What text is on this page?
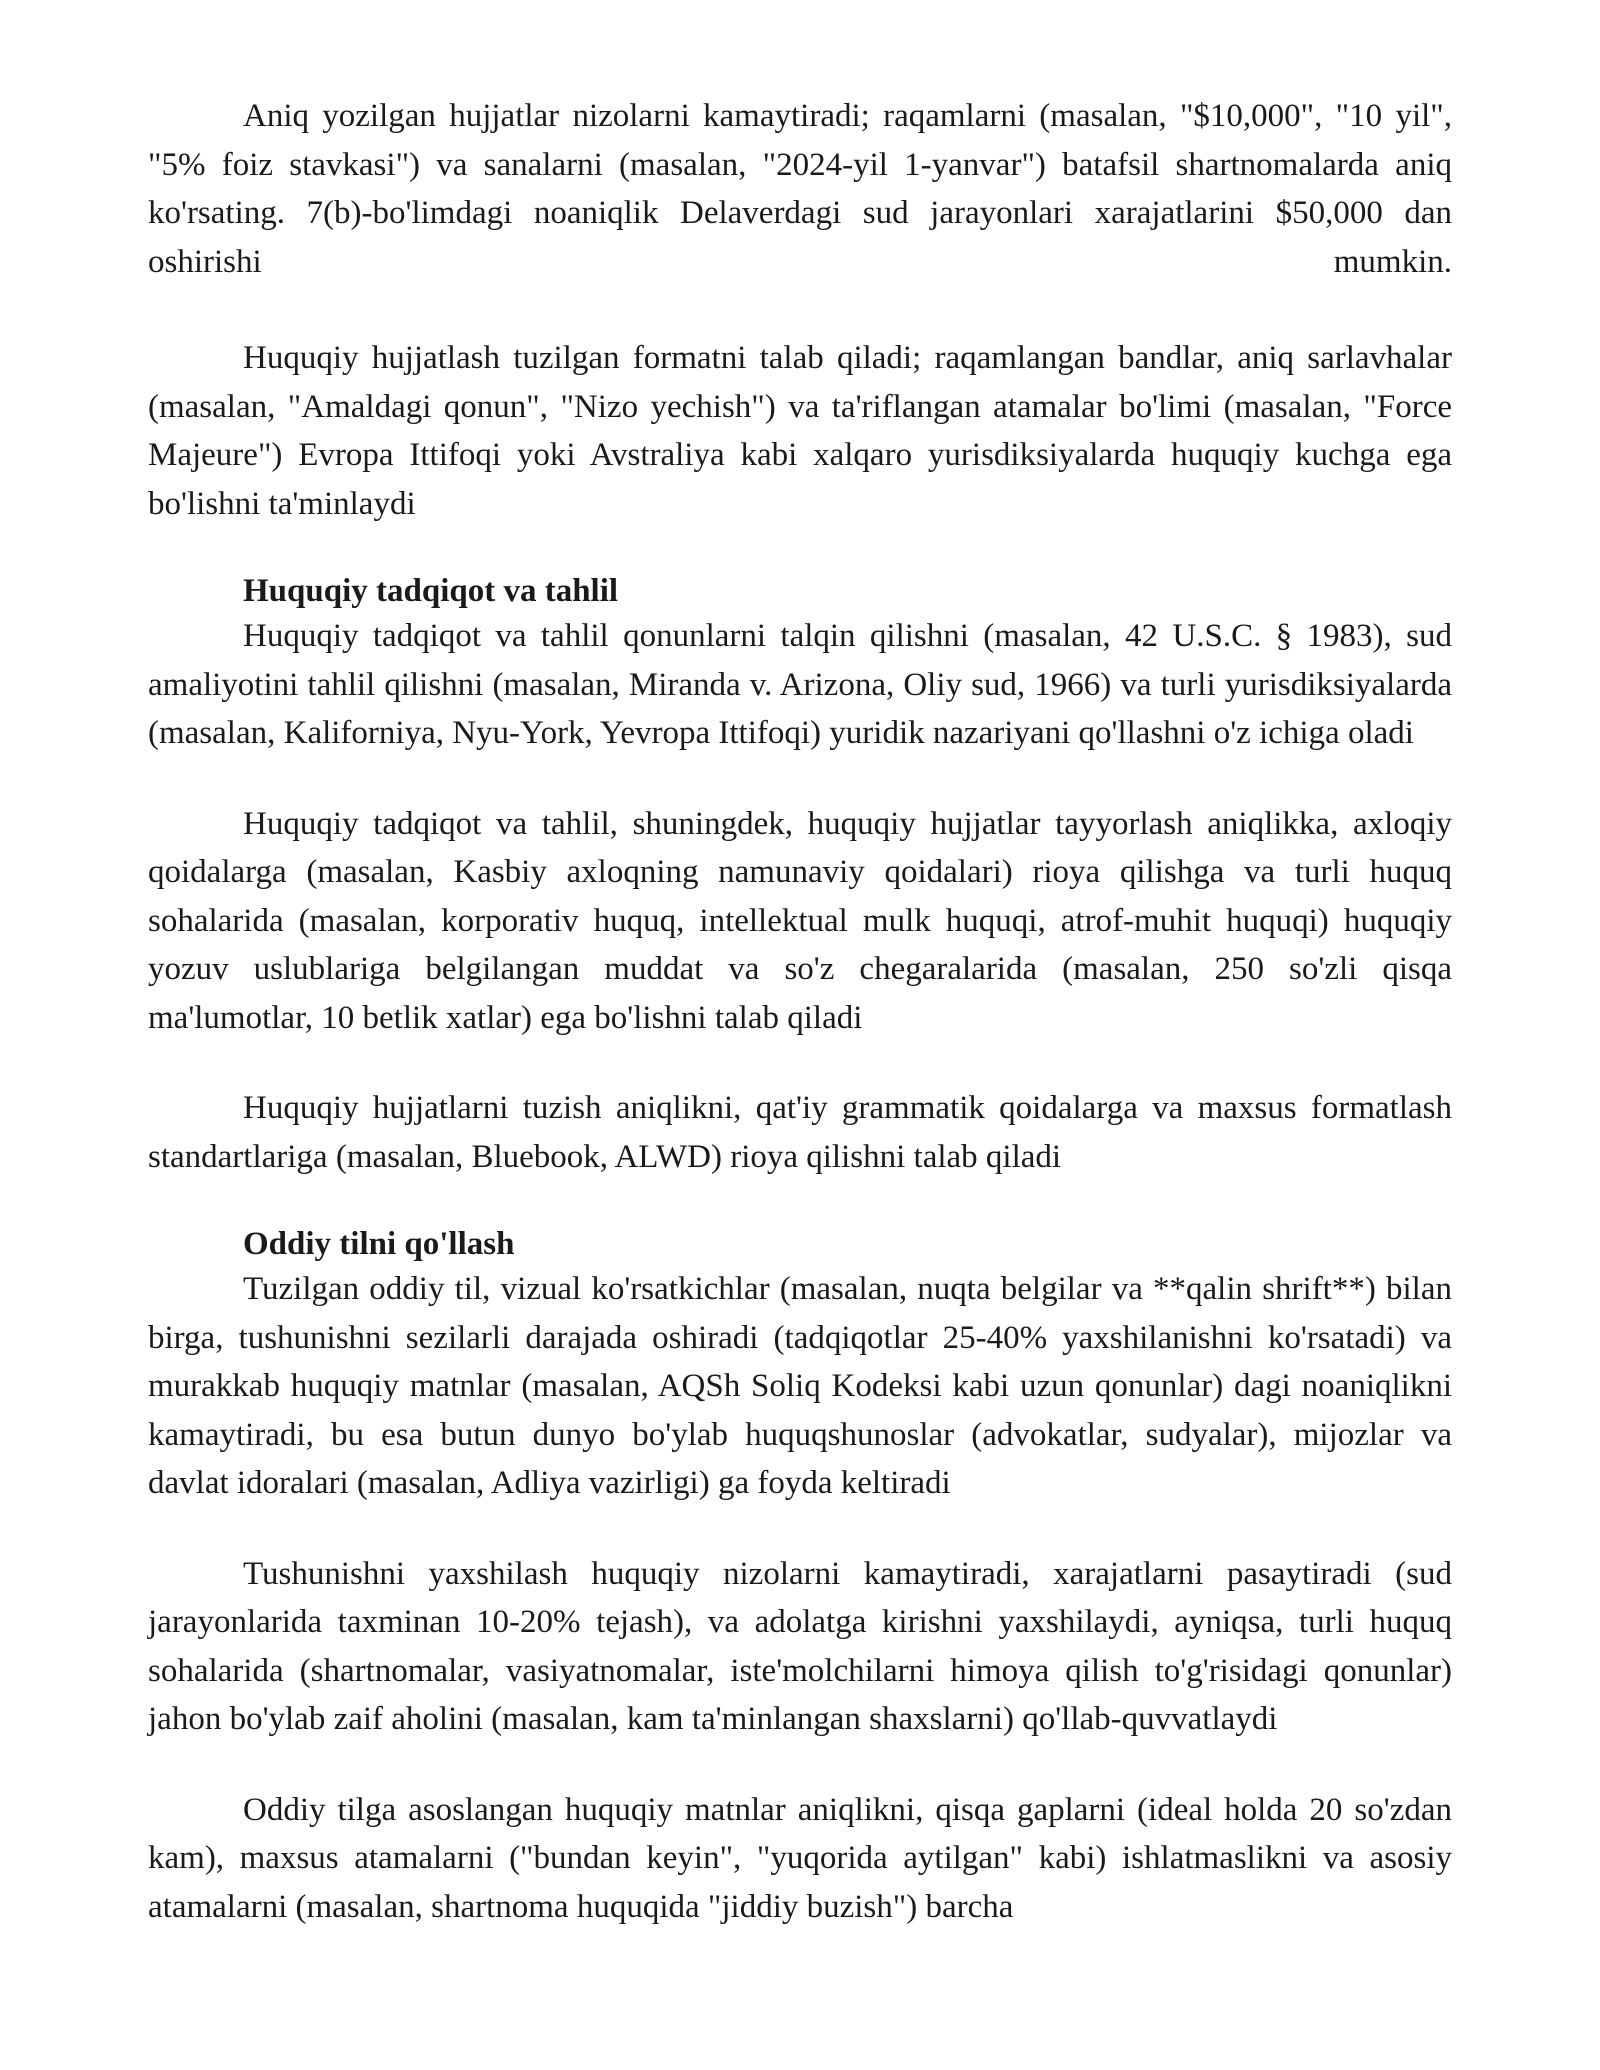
Aniq yozilgan hujjatlar nizolarni kamaytiradi; raqamlarni (masalan, "$10,000", "10 yil", "5% foiz stavkasi") va sanalarni (masalan, "2024-yil 1-yanvar") batafsil shartnomalarda aniq ko'rsating. 7(b)-bo'limdagi noaniqlik Delaverdagi sud jarayonlari xarajatlarini $50,000 dan oshirishi mumkin.

Huquqiy hujjatlash tuzilgan formatni talab qiladi; raqamlangan bandlar, aniq sarlavhalar (masalan, "Amaldagi qonun", "Nizo yechish") va ta'riflangan atamalar bo'limi (masalan, "Force Majeure") Evropa Ittifoqi yoki Avstraliya kabi xalqaro yurisdiksiyalarda huquqiy kuchga ega bo'lishni ta'minlaydi

Huquqiy tadqiqot va tahlil

Huquqiy tadqiqot va tahlil qonunlarni talqin qilishni (masalan, 42 U.S.C. § 1983), sud amaliyotini tahlil qilishni (masalan, Miranda v. Arizona, Oliy sud, 1966) va turli yurisdiksiyalarda (masalan, Kaliforniya, Nyu-York, Yevropa Ittifoqi) yuridik nazariyani qo'llashni o'z ichiga oladi

Huquqiy tadqiqot va tahlil, shuningdek, huquqiy hujjatlar tayyorlash aniqlikka, axloqiy qoidalarga (masalan, Kasbiy axloqning namunaviy qoidalari) rioya qilishga va turli huquq sohalarida (masalan, korporativ huquq, intellektual mulk huquqi, atrof-muhit huquqi) huquqiy yozuv uslublariga belgilangan muddat va so'z chegaralarida (masalan, 250 so'zli qisqa ma'lumotlar, 10 betlik xatlar) ega bo'lishni talab qiladi

Huquqiy hujjatlarni tuzish aniqlikni, qat'iy grammatik qoidalarga va maxsus formatlash standartlariga (masalan, Bluebook, ALWD) rioya qilishni talab qiladi

Oddiy tilni qo'llash

Tuzilgan oddiy til, vizual ko'rsatkichlar (masalan, nuqta belgilar va **qalin shrift**) bilan birga, tushunishni sezilarli darajada oshiradi (tadqiqotlar 25-40% yaxshilanishni ko'rsatadi) va murakkab huquqiy matnlar (masalan, AQSh Soliq Kodeksi kabi uzun qonunlar) dagi noaniqlikni kamaytiradi, bu esa butun dunyo bo'ylab huquqshunoslar (advokatlar, sudyalar), mijozlar va davlat idoralari (masalan, Adliya vazirligi) ga foyda keltiradi

Tushunishni yaxshilash huquqiy nizolarni kamaytiradi, xarajatlarni pasaytiradi (sud jarayonlarida taxminan 10-20% tejash), va adolatga kirishni yaxshilaydi, ayniqsa, turli huquq sohalarida (shartnomalar, vasiyatnomalar, iste'molchilarni himoya qilish to'g'risidagi qonunlar) jahon bo'ylab zaif aholini (masalan, kam ta'minlangan shaxslarni) qo'llab-quvvatlaydi

Oddiy tilga asoslangan huquqiy matnlar aniqlikni, qisqa gaplarni (ideal holda 20 so'zdan kam), maxsus atamalarni ("bundan keyin", "yuqorida aytilgan" kabi) ishlatmaslikni va asosiy atamalarni (masalan, shartnoma huquqida "jiddiy buzish") barcha
